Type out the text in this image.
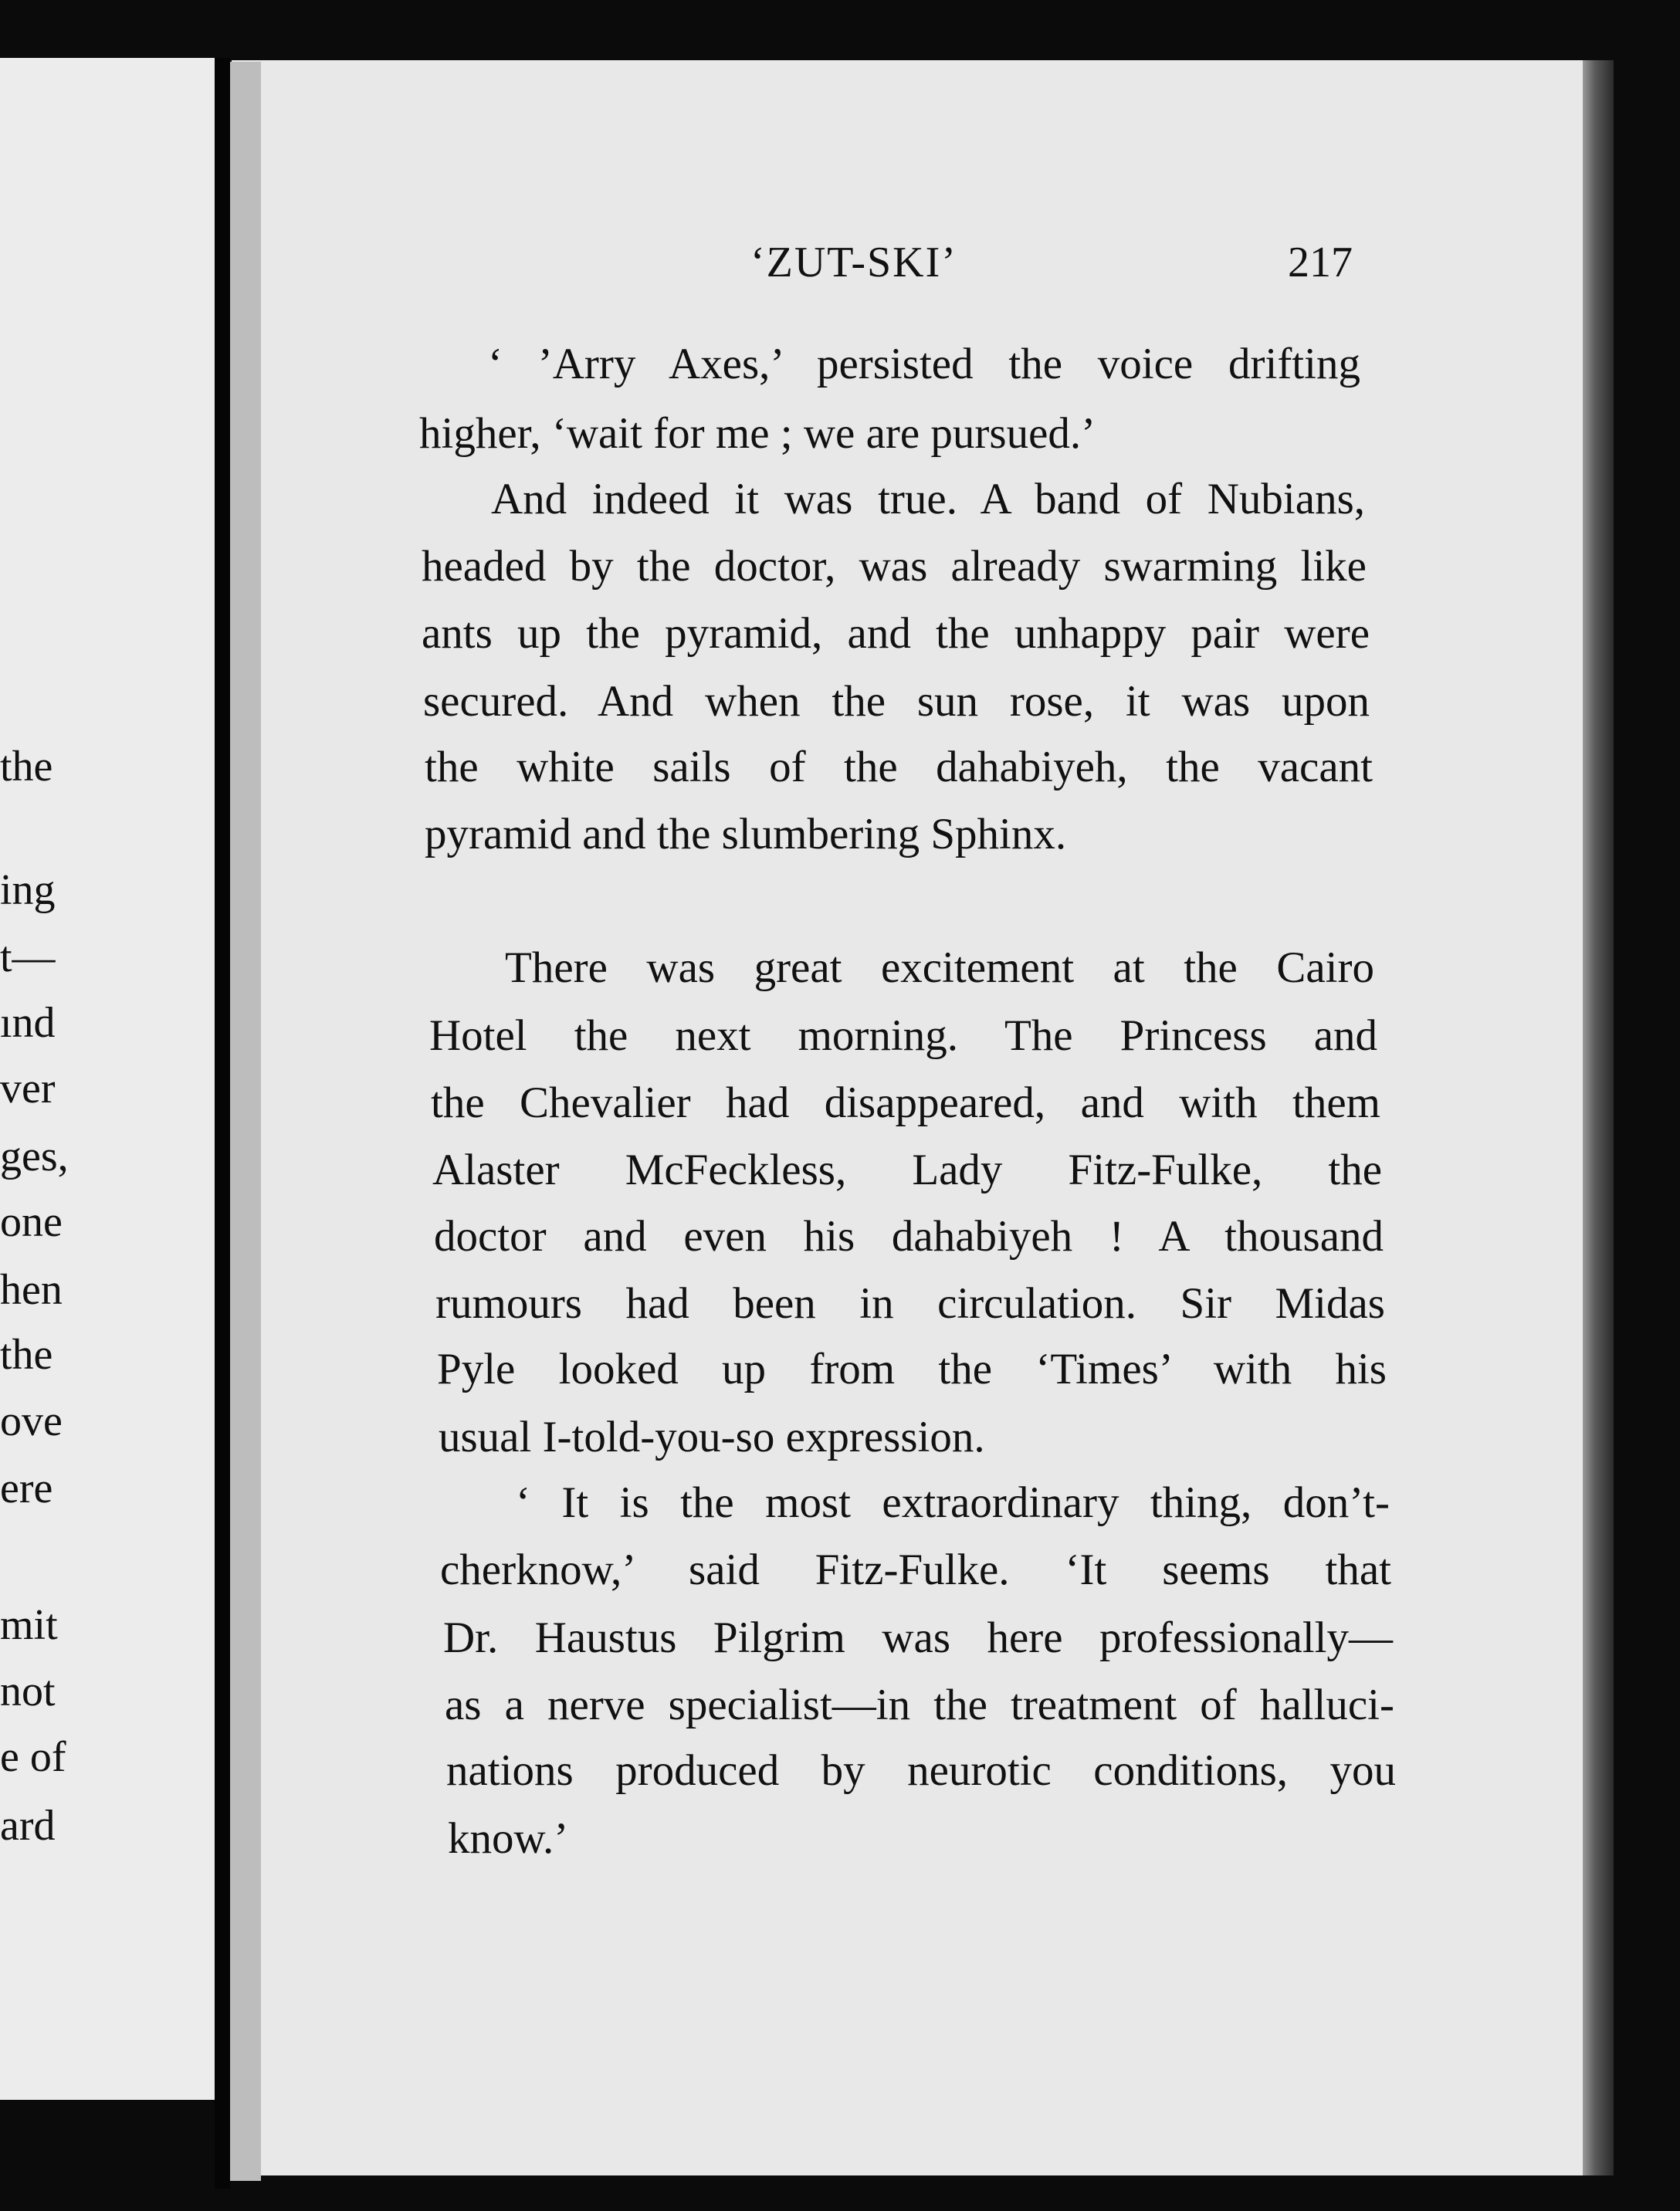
the
ing
t—
ınd
ver
ges,
one
hen
the
ove
ere
mit
not
e of
ard
‘ZUT-SKI’	217
‘ ’Arry Axes,’ persisted the voice drifting
higher, ‘wait for me ; we are pursued.’
And indeed it was true. A band of Nubians,
headed by the doctor, was already swarming like
ants up the pyramid, and the unhappy pair were
secured. And when the sun rose, it was upon
the white sails of the dahabiyeh, the vacant
pyramid and the slumbering Sphinx.
There was great excitement at the Cairo
Hotel the next morning. The Princess and
the Chevalier had disappeared, and with them
Alaster McFeckless, Lady Fitz-Fulke, the
doctor and even his dahabiyeh ! A thousand
rumours had been in circulation. Sir Midas
Pyle looked up from the ‘Times’ with his
usual I-told-you-so expression.
‘ It is the most extraordinary thing, don’t-
cherknow,’ said Fitz-Fulke. ‘It seems that
Dr. Haustus Pilgrim was here professionally—
as a nerve specialist—in the treatment of halluci-
nations produced by neurotic conditions, you
know.’
